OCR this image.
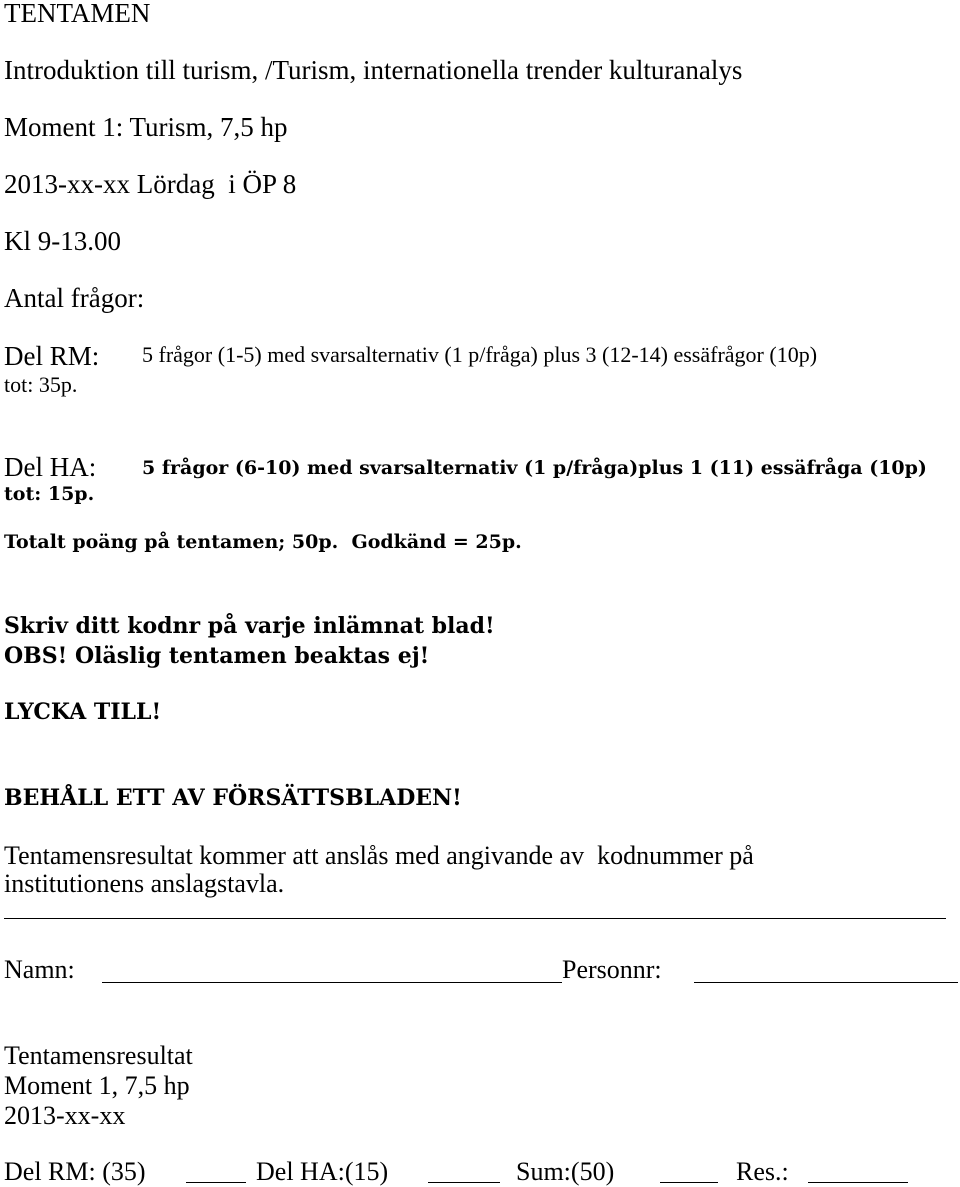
TENTAMEN
Introduktion till turism, /Turism, internationella trender kulturanalys
Moment 1: Turism, 7,5 hp
2013-xx-xx Lördag  i ÖP 8
Kl 9-13.00
Antal frågor:
Del RM: 5 frågor (1-5) med svarsalternativ (1 p/fråga) plus 3 (12-14) essäfrågor (10p)
tot: 35p.
Del HA: 5 frågor (6-10) med svarsalternativ (1 p/fråga)plus 1 (11) essäfråga (10p)
tot: 15p.
Totalt poäng på tentamen; 50p.  Godkänd = 25p.
Skriv ditt kodnr på varje inlämnat blad!
OBS! Oläslig tentamen beaktas ej!
LYCKA TILL!
BEHÅLL ETT AV FÖRSÄTTSBLADEN!
Tentamensresultat kommer att anslås med angivande av  kodnummer på
institutionens anslagstavla.
Namn:	Personnr:
Tentamensresultat
Moment 1, 7,5 hp
2013-xx-xx
Del RM: (35)	Del HA:(15)	Sum:(50)	Res.:
